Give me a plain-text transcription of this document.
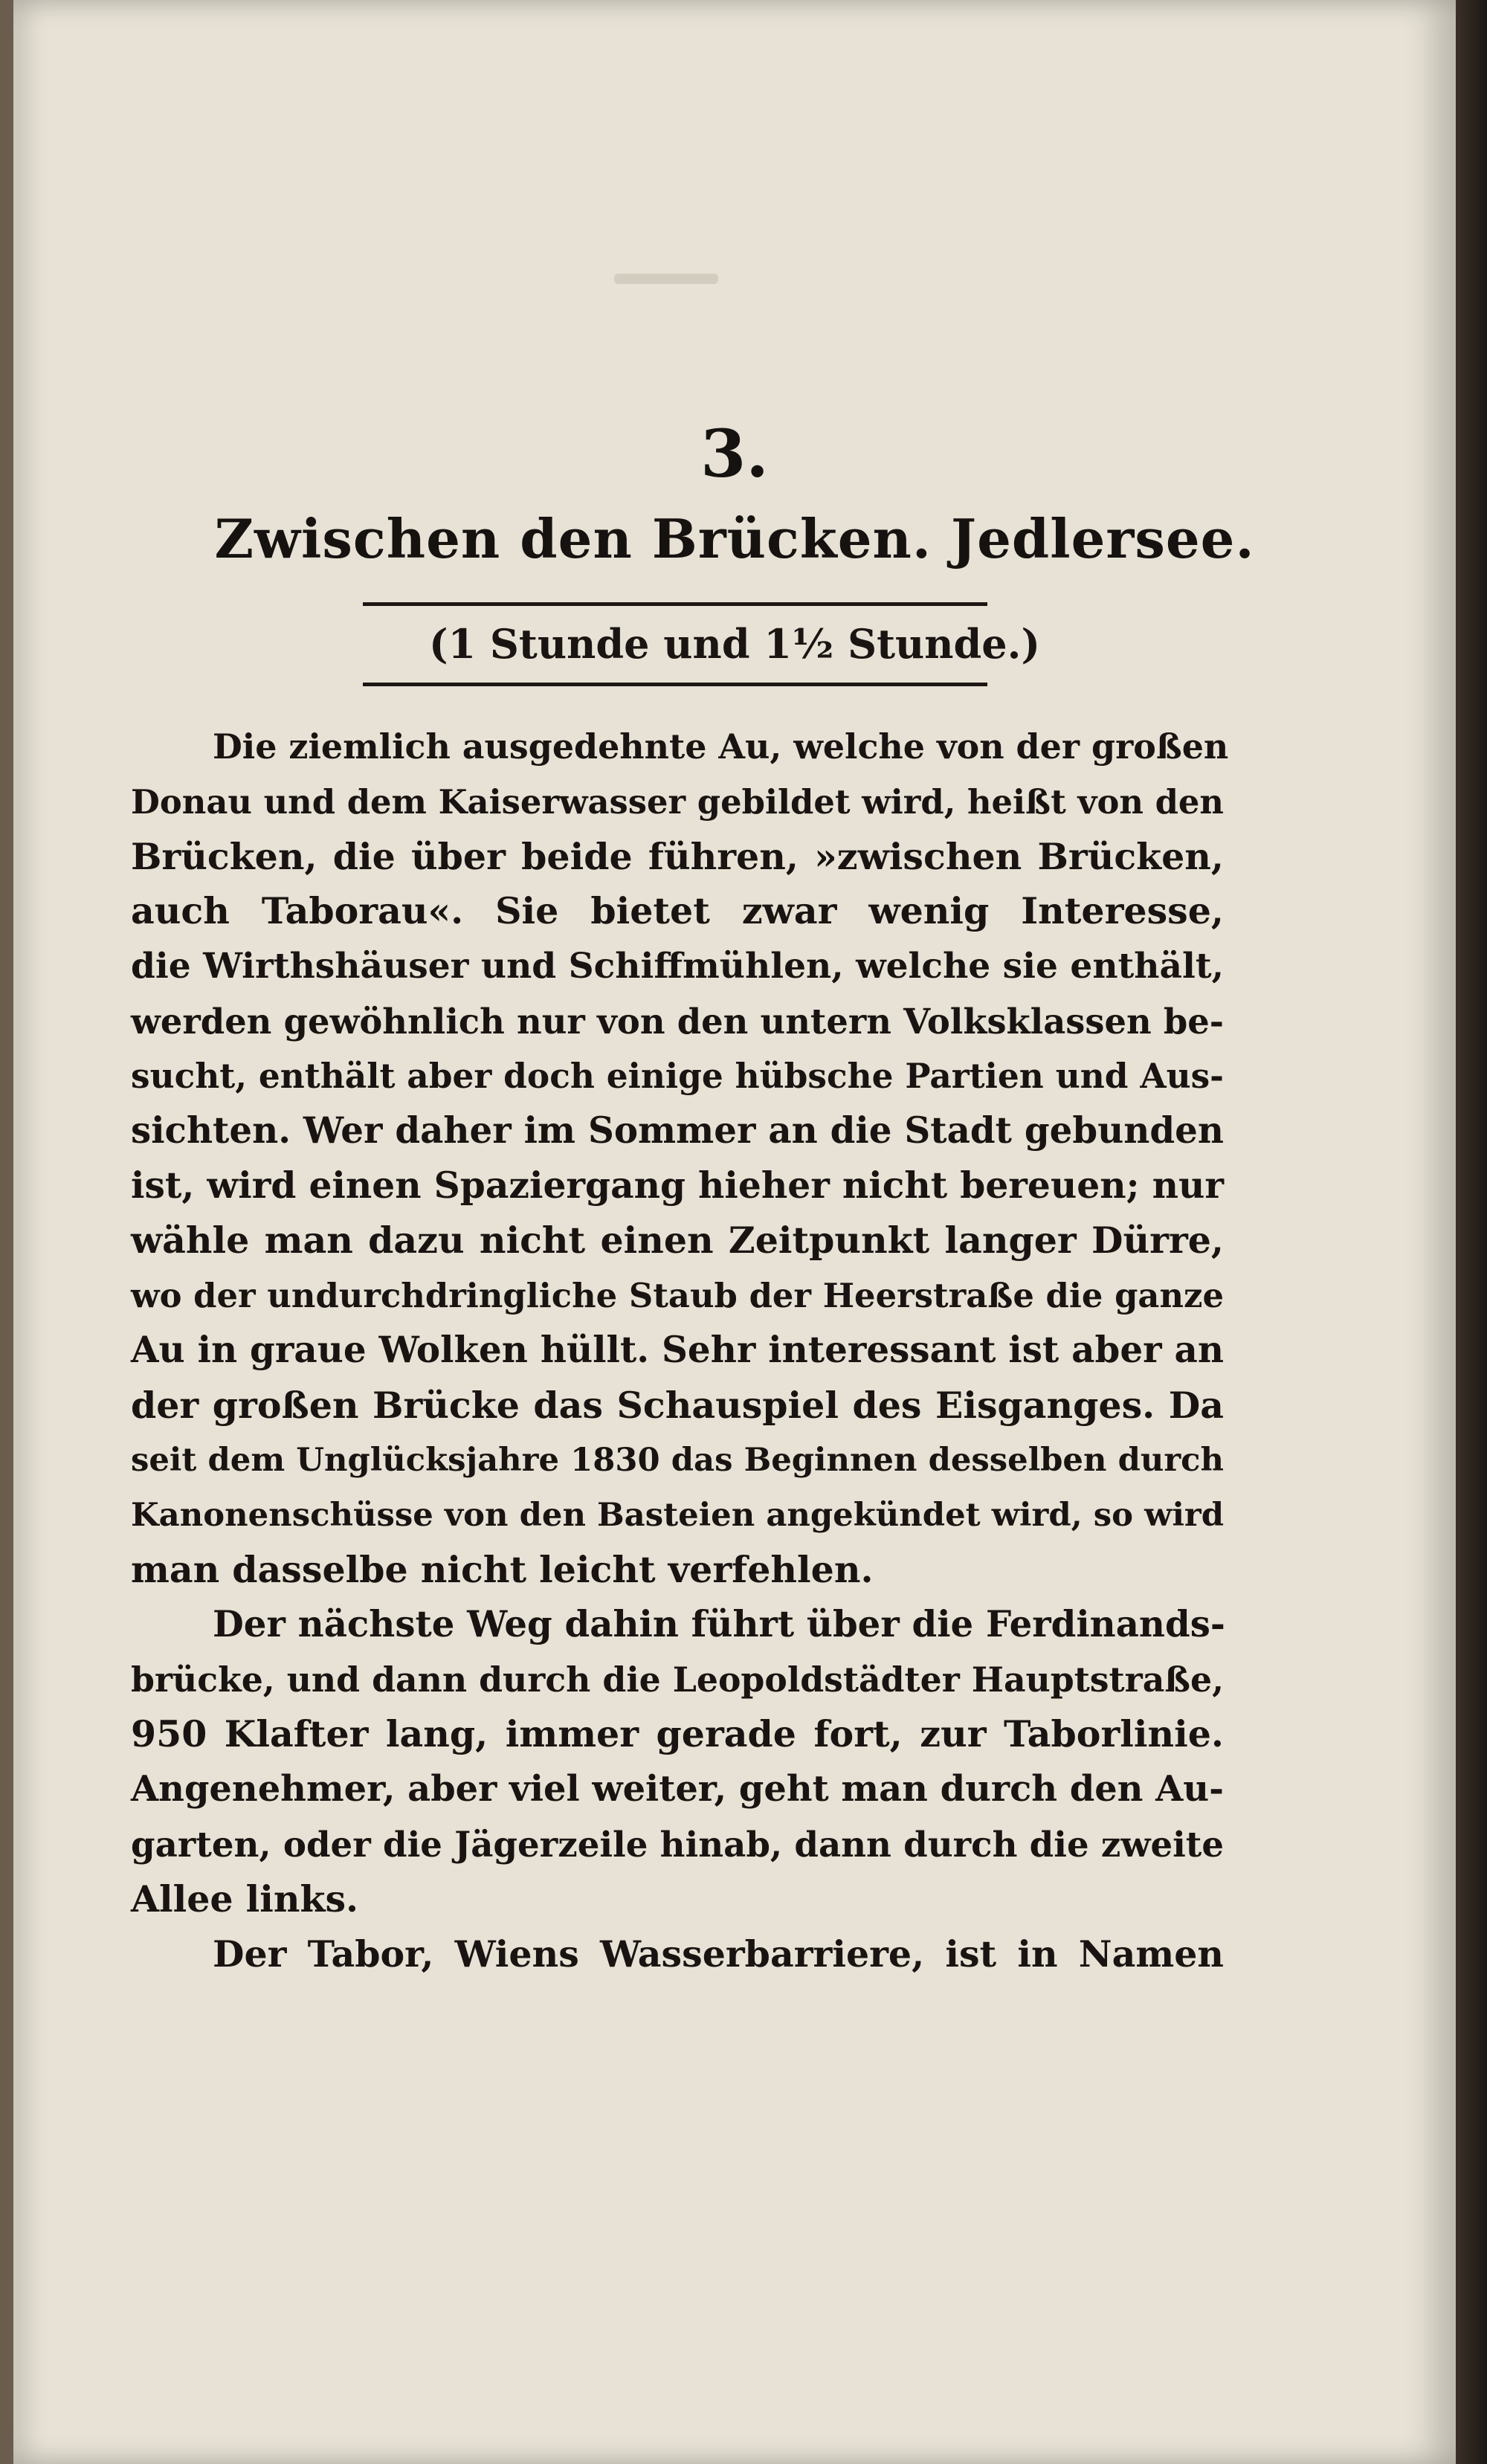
3.
Zwischen den Brücken. Jedlersee.
(1 Stunde und 1½ Stunde.)
Die ziemlich ausgedehnte Au, welche von der großen
Donau und dem Kaiserwasser gebildet wird, heißt von den
Brücken, die über beide führen, »zwischen Brücken,
auch Taborau«. Sie bietet zwar wenig Interesse,
die Wirthshäuser und Schiffmühlen, welche sie enthält,
werden gewöhnlich nur von den untern Volksklassen be-
sucht, enthält aber doch einige hübsche Partien und Aus-
sichten. Wer daher im Sommer an die Stadt gebunden
ist, wird einen Spaziergang hieher nicht bereuen; nur
wähle man dazu nicht einen Zeitpunkt langer Dürre,
wo der undurchdringliche Staub der Heerstraße die ganze
Au in graue Wolken hüllt. Sehr interessant ist aber an
der großen Brücke das Schauspiel des Eisganges. Da
seit dem Unglücksjahre 1830 das Beginnen desselben durch
Kanonenschüsse von den Basteien angekündet wird, so wird
man dasselbe nicht leicht verfehlen.
Der nächste Weg dahin führt über die Ferdinands-
brücke, und dann durch die Leopoldstädter Hauptstraße,
950 Klafter lang, immer gerade fort, zur Taborlinie.
Angenehmer, aber viel weiter, geht man durch den Au-
garten, oder die Jägerzeile hinab, dann durch die zweite
Allee links.
Der Tabor, Wiens Wasserbarriere, ist in Namen
